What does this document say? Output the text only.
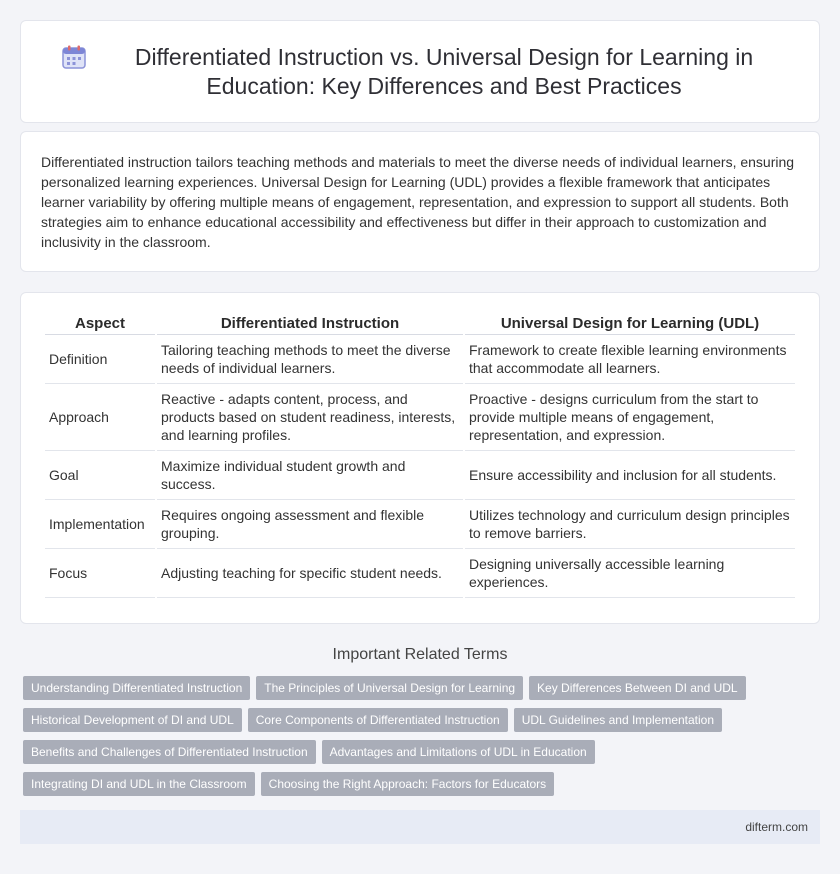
Differentiated Instruction vs. Universal Design for Learning in Education: Key Differences and Best Practices

Differentiated instruction tailors teaching methods and materials to meet the diverse needs of individual learners, ensuring personalized learning experiences. Universal Design for Learning (UDL) provides a flexible framework that anticipates learner variability by offering multiple means of engagement, representation, and expression to support all students. Both strategies aim to enhance educational accessibility and effectiveness but differ in their approach to customization and inclusivity in the classroom.

Aspect	Differentiated Instruction	Universal Design for Learning (UDL)
Definition	Tailoring teaching methods to meet the diverse needs of individual learners.	Framework to create flexible learning environments that accommodate all learners.
Approach	Reactive - adapts content, process, and products based on student readiness, interests, and learning profiles.	Proactive - designs curriculum from the start to provide multiple means of engagement, representation, and expression.
Goal	Maximize individual student growth and success.	Ensure accessibility and inclusion for all students.
Implementation	Requires ongoing assessment and flexible grouping.	Utilizes technology and curriculum design principles to remove barriers.
Focus	Adjusting teaching for specific student needs.	Designing universally accessible learning experiences.
Important Related Terms
Understanding Differentiated Instruction	The Principles of Universal Design for Learning	Key Differences Between DI and UDL
Historical Development of DI and UDL	Core Components of Differentiated Instruction	UDL Guidelines and Implementation
Benefits and Challenges of Differentiated Instruction	Advantages and Limitations of UDL in Education
Integrating DI and UDL in the Classroom	Choosing the Right Approach: Factors for Educators
difterm.com
